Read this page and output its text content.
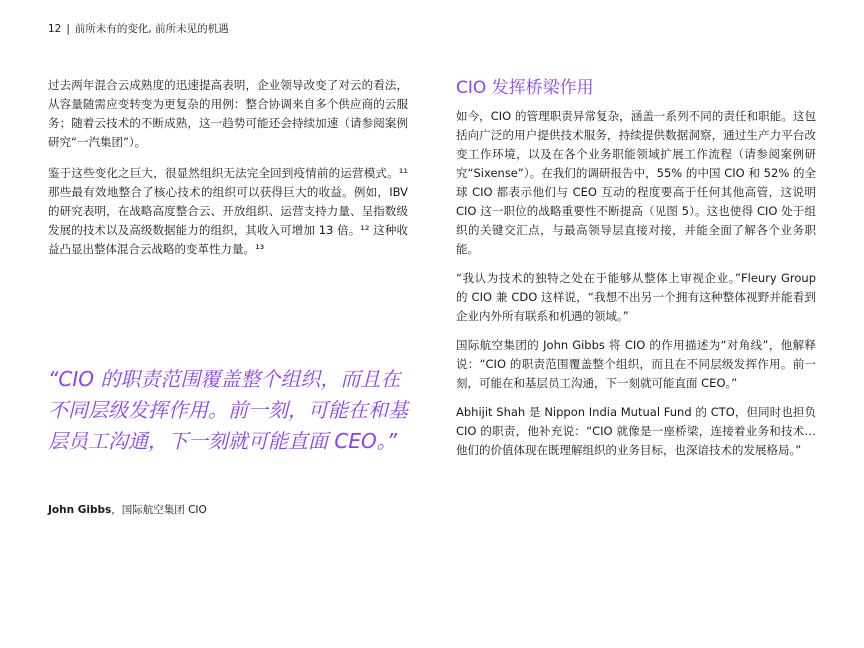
12 | 前所未有的变化, 前所未见的机遇

过去两年混合云成熟度的迅速提高表明，企业领导改变了对云的看法，从容量随需应变转变为更复杂的用例：整合协调来自多个供应商的云服务；随着云技术的不断成熟，这一趋势可能还会持续加速（请参阅案例研究“一汽集团”）。

鉴于这些变化之巨大，很显然组织无法完全回到疫情前的运营模式。¹¹ 那些最有效地整合了核心技术的组织可以获得巨大的收益。例如，IBV 的研究表明，在战略高度整合云、开放组织、运营支持力量、呈指数级发展的技术以及高级数据能力的组织，其收入可增加 13 倍。¹² 这种收益凸显出整体混合云战略的变革性力量。¹³

“CIO 的职责范围覆盖整个组织，而且在不同层级发挥作用。前一刻，可能在和基层员工沟通，下一刻就可能直面 CEO。”

John Gibbs，国际航空集团 CIO
CIO 发挥桥梁作用

如今，CIO 的管理职责异常复杂，涵盖一系列不同的责任和职能。这包括向广泛的用户提供技术服务，持续提供数据洞察，通过生产力平台改变工作环境，以及在各个业务职能领域扩展工作流程（请参阅案例研究“Sixense”）。在我们的调研报告中，55% 的中国 CIO 和 52% 的全球 CIO 都表示他们与 CEO 互动的程度要高于任何其他高管，这说明 CIO 这一职位的战略重要性不断提高（见图 5）。这也使得 CIO 处于组织的关键交汇点，与最高领导层直接对接，并能全面了解各个业务职能。

“我认为技术的独特之处在于能够从整体上审视企业。”Fleury Group 的 CIO 兼 CDO 这样说，“我想不出另一个拥有这种整体视野并能看到企业内外所有联系和机遇的领域。”

国际航空集团的 John Gibbs 将 CIO 的作用描述为“对角线”，他解释说：“CIO 的职责范围覆盖整个组织，而且在不同层级发挥作用。前一刻，可能在和基层员工沟通，下一刻就可能直面 CEO。”

Abhijit Shah 是 Nippon India Mutual Fund 的 CTO，但同时也担负 CIO 的职责，他补充说：“CIO 就像是一座桥梁，连接着业务和技术…他们的价值体现在既理解组织的业务目标，也深谙技术的发展格局。”
